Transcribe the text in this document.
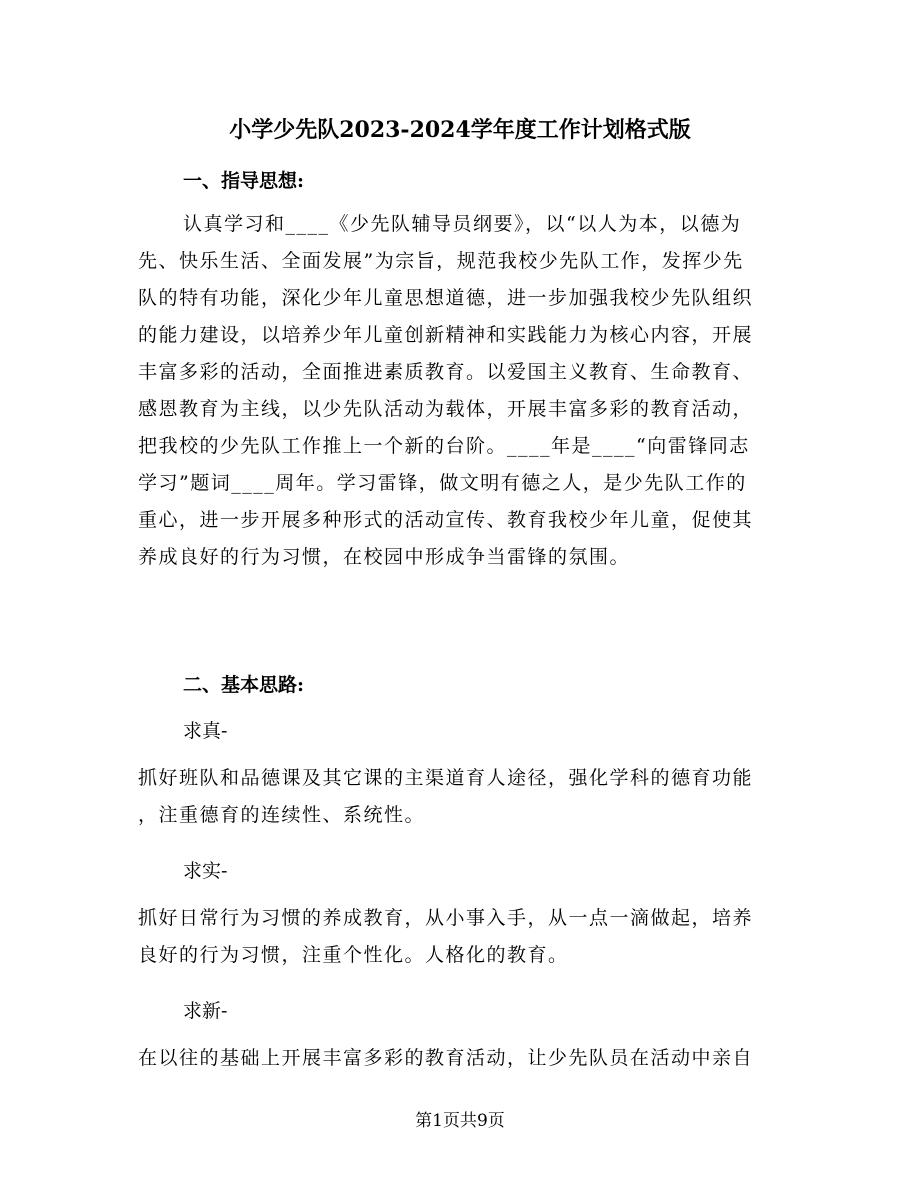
小学少先队2023-2024学年度工作计划格式版
一、指导思想:
认真学习和____《少先队辅导员纲要》，以“以人为本，以德为
先、快乐生活、全面发展”为宗旨，规范我校少先队工作，发挥少先
队的特有功能，深化少年儿童思想道德，进一步加强我校少先队组织
的能力建设，以培养少年儿童创新精神和实践能力为核心内容，开展
丰富多彩的活动，全面推进素质教育。以爱国主义教育、生命教育、
感恩教育为主线，以少先队活动为载体，开展丰富多彩的教育活动，
把我校的少先队工作推上一个新的台阶。____年是____“向雷锋同志
学习”题词____周年。学习雷锋，做文明有德之人，是少先队工作的
重心，进一步开展多种形式的活动宣传、教育我校少年儿童，促使其
养成良好的行为习惯，在校园中形成争当雷锋的氛围。
二、基本思路:
求真-
抓好班队和品德课及其它课的主渠道育人途径，强化学科的德育功能
，注重德育的连续性、系统性。
求实-
抓好日常行为习惯的养成教育，从小事入手，从一点一滴做起，培养
良好的行为习惯，注重个性化。人格化的教育。
求新-
在以往的基础上开展丰富多彩的教育活动，让少先队员在活动中亲自
第1页共9页
